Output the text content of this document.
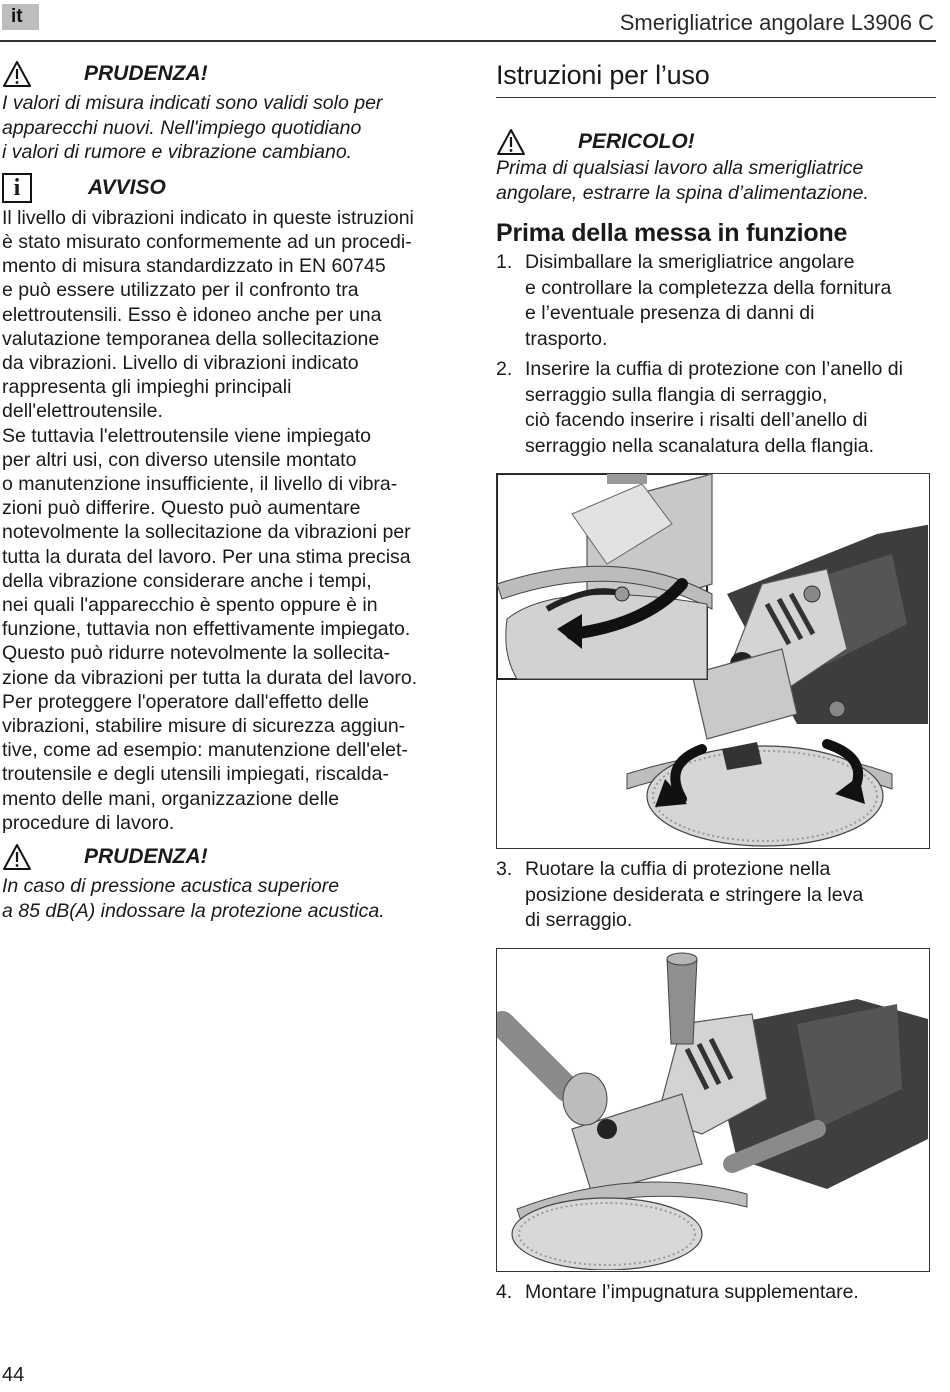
it	Smerigliatrice angolare L3906 C
PRUDENZA!

I valori di misura indicati sono validi solo per
apparecchi nuovi. Nell'impiego quotidiano
i valori di rumore e vibrazione cambiano.

i	AVVISO

Il livello di vibrazioni indicato in queste istruzioni
è stato misurato conformemente ad un procedi-
mento di misura standardizzato in EN 60745
e può essere utilizzato per il confronto tra
elettroutensili. Esso è idoneo anche per una
valutazione temporanea della sollecitazione
da vibrazioni. Livello di vibrazioni indicato
rappresenta gli impieghi principali
dell'elettroutensile.
Se tuttavia l'elettroutensile viene impiegato
per altri usi, con diverso utensile montato
o manutenzione insufficiente, il livello di vibra-
zioni può differire. Questo può aumentare
notevolmente la sollecitazione da vibrazioni per
tutta la durata del lavoro. Per una stima precisa
della vibrazione considerare anche i tempi,
nei quali l'apparecchio è spento oppure è in
funzione, tuttavia non effettivamente impiegato.
Questo può ridurre notevolmente la sollecita-
zione da vibrazioni per tutta la durata del lavoro.
Per proteggere l'operatore dall'effetto delle
vibrazioni, stabilire misure di sicurezza aggiun-
tive, come ad esempio: manutenzione dell'elet-
troutensile e degli utensili impiegati, riscalda-
mento delle mani, organizzazione delle
procedure di lavoro.

PRUDENZA!

In caso di pressione acustica superiore
a 85 dB(A) indossare la protezione acustica.

Istruzioni per l’uso
PERICOLO!

Prima di qualsiasi lavoro alla smerigliatrice
angolare, estrarre la spina d’alimentazione.

Prima della messa in funzione
1. Disimballare la smerigliatrice angolare
e controllare la completezza della fornitura
e l’eventuale presenza di danni di
trasporto.
2. Inserire la cuffia di protezione con l’anello di
serraggio sulla flangia di serraggio,
ciò facendo inserire i risalti dell’anello di
serraggio nella scanalatura della flangia.
3. Ruotare la cuffia di protezione nella
posizione desiderata e stringere la leva
di serraggio.
4. Montare l’impugnatura supplementare.
44
